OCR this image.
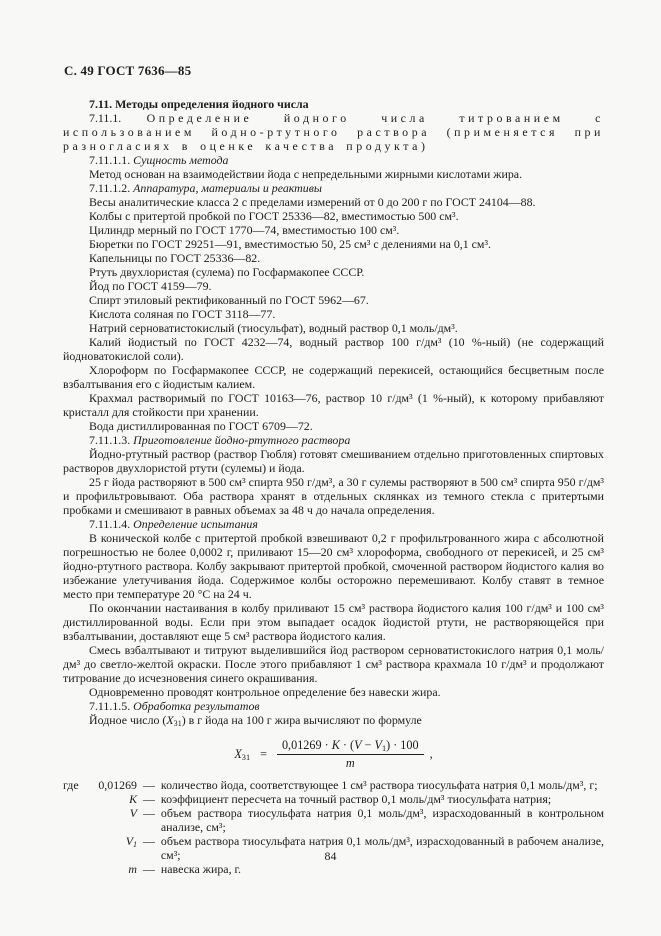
С. 49 ГОСТ 7636—85

7.11. Методы определения йодного числа

7.11.1. Определение йодного числа титрованием с использованием йодно-ртутного раствора (применяется при разногласиях в оценке качества продукта)

7.11.1.1. Сущность метода

Метод основан на взаимодействии йода с непредельными жирными кислотами жира.

7.11.1.2. Аппаратура, материалы и реактивы

Весы аналитические класса 2 с пределами измерений от 0 до 200 г по ГОСТ 24104—88.

Колбы с притертой пробкой по ГОСТ 25336—82, вместимостью 500 см³.

Цилиндр мерный по ГОСТ 1770—74, вместимостью 100 см³.

Бюретки по ГОСТ 29251—91, вместимостью 50, 25 см³ с делениями на 0,1 см³.

Капельницы по ГОСТ 25336—82.

Ртуть двухлористая (сулема) по Госфармакопее СССР.

Йод по ГОСТ 4159—79.

Спирт этиловый ректификованный по ГОСТ 5962—67.

Кислота соляная по ГОСТ 3118—77.

Натрий серноватистокислый (тиосульфат), водный раствор 0,1 моль/дм³.

Калий йодистый по ГОСТ 4232—74, водный раствор 100 г/дм³ (10 %-ный) (не содержащий йодноватокислой соли).

Хлороформ по Госфармакопее СССР, не содержащий перекисей, остающийся бесцветным после взбалтывания его с йодистым калием.

Крахмал растворимый по ГОСТ 10163—76, раствор 10 г/дм³ (1 %-ный), к которому прибавляют кристалл для стойкости при хранении.

Вода дистиллированная по ГОСТ 6709—72.

7.11.1.3. Приготовление йодно-ртутного раствора

Йодно-ртутный раствор (раствор Гюбля) готовят смешиванием отдельно приготовленных спиртовых растворов двухлористой ртути (сулемы) и йода.

25 г йода растворяют в 500 см³ спирта 950 г/дм³, а 30 г сулемы растворяют в 500 см³ спирта 950 г/дм³ и профильтровывают. Оба раствора хранят в отдельных склянках из темного стекла с притертыми пробками и смешивают в равных объемах за 48 ч до начала определения.

7.11.1.4. Определение испытания

В конической колбе с притертой пробкой взвешивают 0,2 г профильтрованного жира с абсолютной погрешностью не более 0,0002 г, приливают 15—20 см³ хлороформа, свободного от перекисей, и 25 см³ йодно-ртутного раствора. Колбу закрывают притертой пробкой, смоченной раствором йодистого калия во избежание улетучивания йода. Содержимое колбы осторожно перемешивают. Колбу ставят в темное место при температуре 20 °С на 24 ч.

По окончании настаивания в колбу приливают 15 см³ раствора йодистого калия 100 г/дм³ и 100 см³ дистиллированной воды. Если при этом выпадает осадок йодистой ртути, не растворяющейся при взбалтывании, доставляют еще 5 см³ раствора йодистого калия.

Смесь взбалтывают и титруют выделившийся йод раствором серноватистокислого натрия 0,1 моль/дм³ до светло-желтой окраски. После этого прибавляют 1 см³ раствора крахмала 10 г/дм³ и продолжают титрование до исчезновения синего окрашивания.

Одновременно проводят контрольное определение без навески жира.

7.11.1.5. Обработка результатов

Йодное число $(X_{31})$ в г йода на 100 г жира вычисляют по формуле

$X_{31} = \frac{0,01269 \cdot K \cdot (V - V_1) \cdot 100}{m}$ ,
где	0,01269 — количество йода, соответствующее 1 см³ раствора тиосульфата натрия 0,1 моль/дм³, г;
K — коэффициент пересчета на точный раствор 0,1 моль/дм³ тиосульфата натрия;
V — объем раствора тиосульфата натрия 0,1 моль/дм³, израсходованный в контрольном анализе, см³;
$V_1$ — объем раствора тиосульфата натрия 0,1 моль/дм³, израсходованный в рабочем анализе, см³;
m — навеска жира, г.
84
